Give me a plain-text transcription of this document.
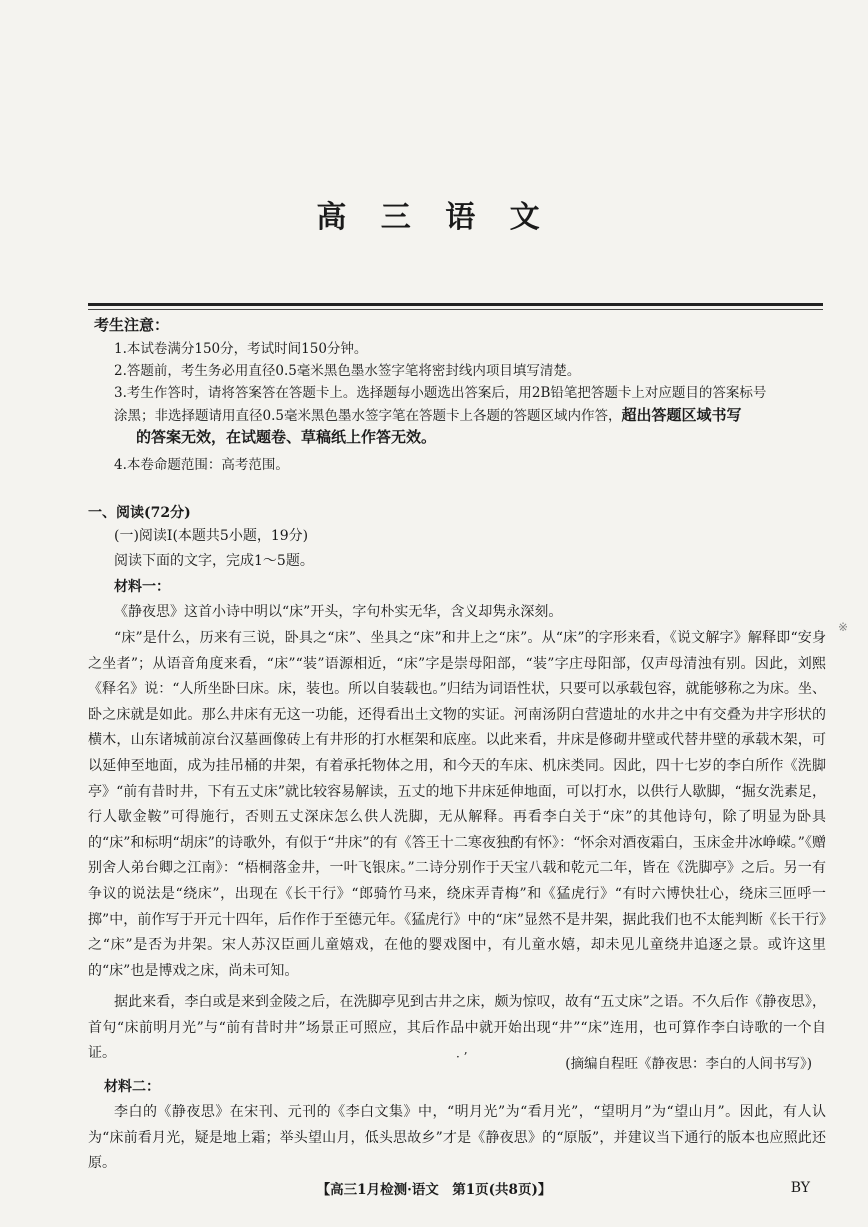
高 三 语 文
考生注意：

1.本试卷满分150分，考试时间150分钟。

2.答题前，考生务必用直径0.5毫米黑色墨水签字笔将密封线内项目填写清楚。

3.考生作答时，请将答案答在答题卡上。选择题每小题选出答案后，用2B铅笔把答题卡上对应题目的答案标号

涂黑；非选择题请用直径0.5毫米黑色墨水签字笔在答题卡上各题的答题区域内作答，超出答题区域书写

的答案无效，在试题卷、草稿纸上作答无效。

4.本卷命题范围：高考范围。

一、阅读(72分)
(一)阅读Ⅰ(本题共5小题，19分)
阅读下面的文字，完成1～5题。
材料一：

《静夜思》这首小诗中明以“床”开头，字句朴实无华，含义却隽永深刻。

“床”是什么，历来有三说，卧具之“床”、坐具之“床”和井上之“床”。从“床”的字形来看，《说文解字》解释即“安身之坐者”；从语音角度来看，“床”“装”语源相近，“床”字是崇母阳部，“装”字庄母阳部，仅声母清浊有别。因此，刘熙《释名》说：“人所坐卧曰床。床，装也。所以自装载也。”归结为词语性状，只要可以承载包容，就能够称之为床。坐、卧之床就是如此。那么井床有无这一功能，还得看出土文物的实证。河南汤阴白营遗址的水井之中有交叠为井字形状的横木，山东诸城前凉台汉墓画像砖上有井形的打水框架和底座。以此来看，井床是修砌井壁或代替井壁的承载木架，可以延伸至地面，成为挂吊桶的井架，有着承托物体之用，和今天的车床、机床类同。因此，四十七岁的李白所作《洗脚亭》“前有昔时井，下有五丈床”就比较容易解读，五丈的地下井床延伸地面，可以打水，以供行人歇脚，“掘女洗素足，行人歇金鞍”可得施行，否则五丈深床怎么供人洗脚，无从解释。再看李白关于“床”的其他诗句，除了明显为卧具的“床”和标明“胡床”的诗歌外，有似于“井床”的有《答王十二寒夜独酌有怀》：“怀余对酒夜霜白，玉床金井冰峥嵘。”《赠别舍人弟台卿之江南》：“梧桐落金井，一叶飞银床。”二诗分别作于天宝八载和乾元二年，皆在《洗脚亭》之后。另一有争议的说法是“绕床”，出现在《长干行》“郎骑竹马来，绕床弄青梅”和《猛虎行》“有时六博快壮心，绕床三匝呼一掷”中，前作写于开元十四年，后作作于至德元年。《猛虎行》中的“床”显然不是井架，据此我们也不太能判断《长干行》之“床”是否为井架。宋人苏汉臣画儿童嬉戏，在他的婴戏图中，有儿童水嬉，却未见儿童绕井追逐之景。或许这里的“床”也是博戏之床，尚未可知。

据此来看，李白或是来到金陵之后，在洗脚亭见到古井之床，颇为惊叹，故有“五丈床”之语。不久后作《静夜思》，首句“床前明月光”与“前有昔时井”场景正可照应，其后作品中就开始出现“井”“床”连用，也可算作李白诗歌的一个自证。	· ’	(摘编自程旺《静夜思：李白的人间书写》)
材料二：

李白的《静夜思》在宋刊、元刊的《李白文集》中，“明月光”为“看月光”，“望明月”为“望山月”。因此，有人认为“床前看月光，疑是地上霜；举头望山月，低头思故乡”才是《静夜思》的“原版”，并建议当下通行的版本也应照此还原。

【高三1月检测·语文　第1页(共8页)】	BY
※
